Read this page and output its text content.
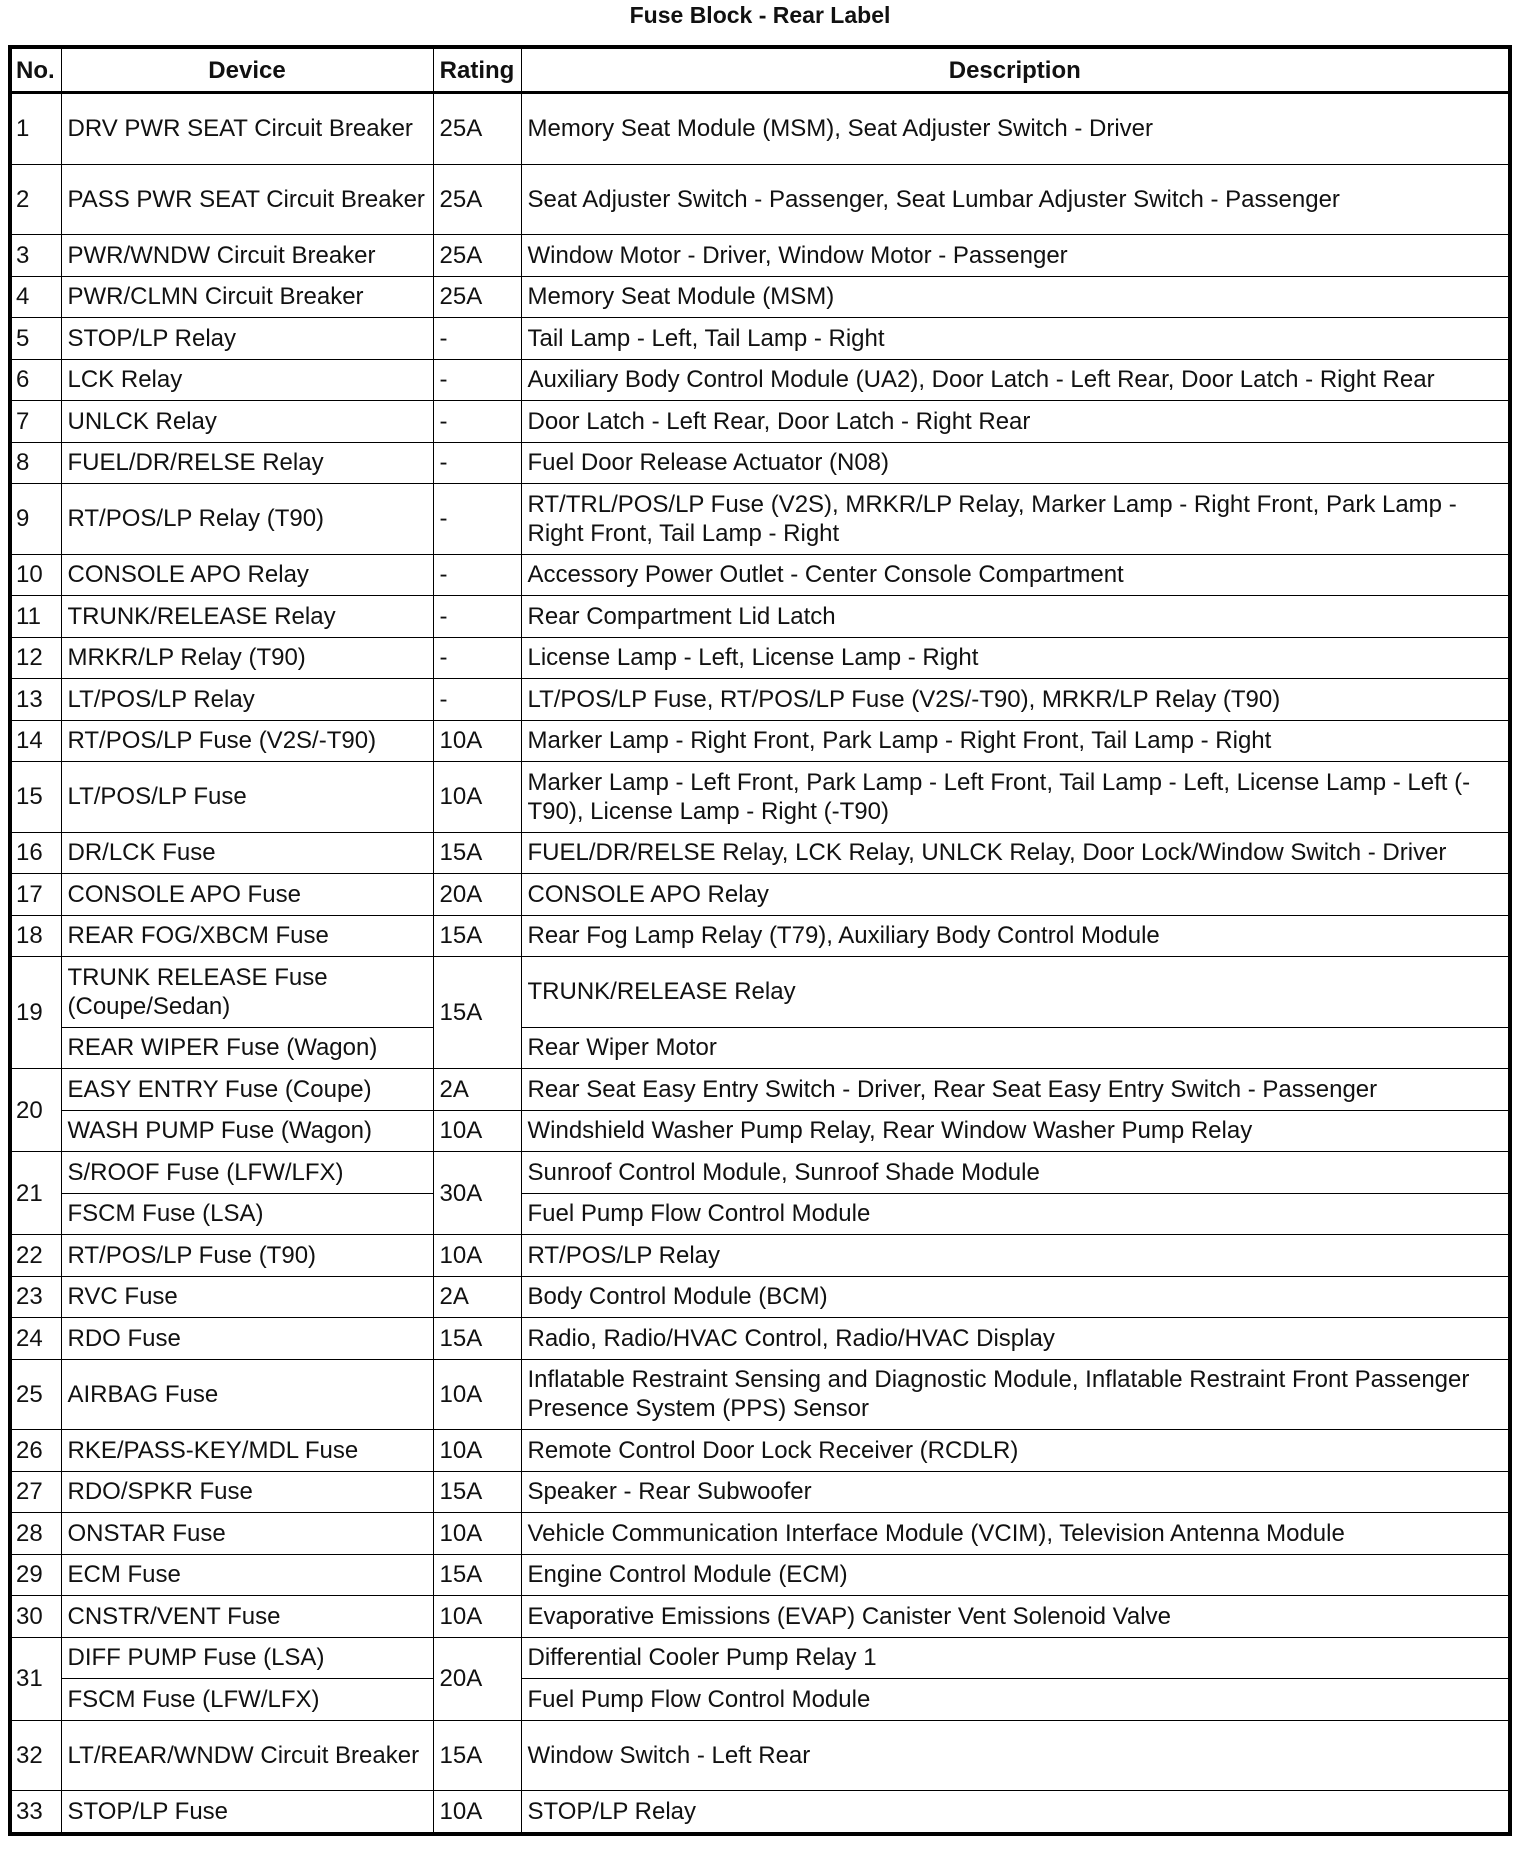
Fuse Block - Rear Label
No.	Device	Rating	Description
1	DRV PWR SEAT Circuit Breaker	25A	Memory Seat Module (MSM), Seat Adjuster Switch - Driver
2	PASS PWR SEAT Circuit Breaker	25A	Seat Adjuster Switch - Passenger, Seat Lumbar Adjuster Switch - Passenger
3	PWR/WNDW Circuit Breaker	25A	Window Motor - Driver, Window Motor - Passenger
4	PWR/CLMN Circuit Breaker	25A	Memory Seat Module (MSM)
5	STOP/LP Relay	-	Tail Lamp - Left, Tail Lamp - Right
6	LCK Relay	-	Auxiliary Body Control Module (UA2), Door Latch - Left Rear, Door Latch - Right Rear
7	UNLCK Relay	-	Door Latch - Left Rear, Door Latch - Right Rear
8	FUEL/DR/RELSE Relay	-	Fuel Door Release Actuator (N08)
9	RT/POS/LP Relay (T90)	-	RT/TRL/POS/LP Fuse (V2S), MRKR/LP Relay, Marker Lamp - Right Front, Park Lamp - Right Front, Tail Lamp - Right
10	CONSOLE APO Relay	-	Accessory Power Outlet - Center Console Compartment
11	TRUNK/RELEASE Relay	-	Rear Compartment Lid Latch
12	MRKR/LP Relay (T90)	-	License Lamp - Left, License Lamp - Right
13	LT/POS/LP Relay	-	LT/POS/LP Fuse, RT/POS/LP Fuse (V2S/-T90), MRKR/LP Relay (T90)
14	RT/POS/LP Fuse (V2S/-T90)	10A	Marker Lamp - Right Front, Park Lamp - Right Front, Tail Lamp - Right
15	LT/POS/LP Fuse	10A	Marker Lamp - Left Front, Park Lamp - Left Front, Tail Lamp - Left, License Lamp - Left (-T90), License Lamp - Right (-T90)
16	DR/LCK Fuse	15A	FUEL/DR/RELSE Relay, LCK Relay, UNLCK Relay, Door Lock/Window Switch - Driver
17	CONSOLE APO Fuse	20A	CONSOLE APO Relay
18	REAR FOG/XBCM Fuse	15A	Rear Fog Lamp Relay (T79), Auxiliary Body Control Module
19	TRUNK RELEASE Fuse (Coupe/Sedan)	15A	TRUNK/RELEASE Relay
	REAR WIPER Fuse (Wagon)		Rear Wiper Motor
20	EASY ENTRY Fuse (Coupe)	2A	Rear Seat Easy Entry Switch - Driver, Rear Seat Easy Entry Switch - Passenger
	WASH PUMP Fuse (Wagon)	10A	Windshield Washer Pump Relay, Rear Window Washer Pump Relay
21	S/ROOF Fuse (LFW/LFX)	30A	Sunroof Control Module, Sunroof Shade Module
	FSCM Fuse (LSA)		Fuel Pump Flow Control Module
22	RT/POS/LP Fuse (T90)	10A	RT/POS/LP Relay
23	RVC Fuse	2A	Body Control Module (BCM)
24	RDO Fuse	15A	Radio, Radio/HVAC Control, Radio/HVAC Display
25	AIRBAG Fuse	10A	Inflatable Restraint Sensing and Diagnostic Module, Inflatable Restraint Front Passenger Presence System (PPS) Sensor
26	RKE/PASS-KEY/MDL Fuse	10A	Remote Control Door Lock Receiver (RCDLR)
27	RDO/SPKR Fuse	15A	Speaker - Rear Subwoofer
28	ONSTAR Fuse	10A	Vehicle Communication Interface Module (VCIM), Television Antenna Module
29	ECM Fuse	15A	Engine Control Module (ECM)
30	CNSTR/VENT Fuse	10A	Evaporative Emissions (EVAP) Canister Vent Solenoid Valve
31	DIFF PUMP Fuse (LSA)	20A	Differential Cooler Pump Relay 1
	FSCM Fuse (LFW/LFX)		Fuel Pump Flow Control Module
32	LT/REAR/WNDW Circuit Breaker	15A	Window Switch - Left Rear
33	STOP/LP Fuse	10A	STOP/LP Relay
